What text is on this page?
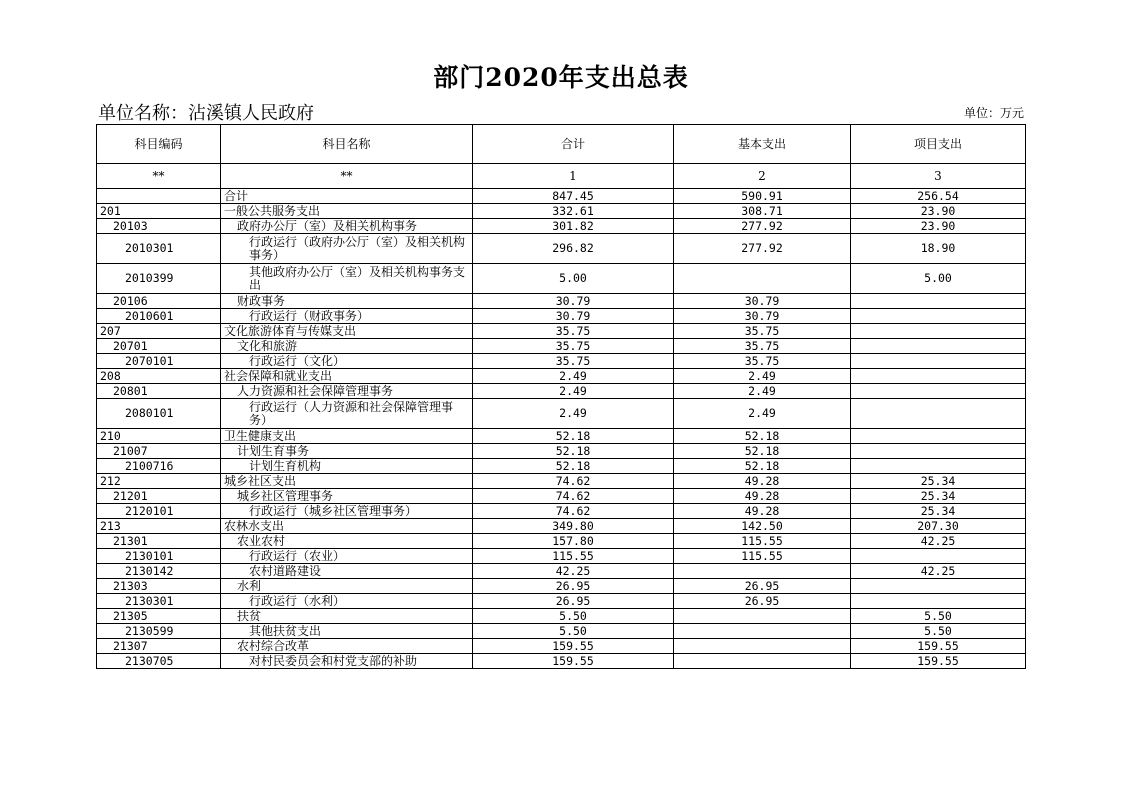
部门2020年支出总表
单位名称：沾溪镇人民政府	单位：万元
科目编码	科目名称	合计	基本支出	项目支出
**	**	1	2	3
	合计	847.45	590.91	256.54
201	一般公共服务支出	332.61	308.71	23.90
20103	政府办公厅（室）及相关机构事务	301.82	277.92	23.90
2010301	行政运行（政府办公厅（室）及相关机构事务）	296.82	277.92	18.90
2010399	其他政府办公厅（室）及相关机构事务支出	5.00		5.00
20106	财政事务	30.79	30.79	
2010601	行政运行（财政事务）	30.79	30.79	
207	文化旅游体育与传媒支出	35.75	35.75	
20701	文化和旅游	35.75	35.75	
2070101	行政运行（文化）	35.75	35.75	
208	社会保障和就业支出	2.49	2.49	
20801	人力资源和社会保障管理事务	2.49	2.49	
2080101	行政运行（人力资源和社会保障管理事务）	2.49	2.49	
210	卫生健康支出	52.18	52.18	
21007	计划生育事务	52.18	52.18	
2100716	计划生育机构	52.18	52.18	
212	城乡社区支出	74.62	49.28	25.34
21201	城乡社区管理事务	74.62	49.28	25.34
2120101	行政运行（城乡社区管理事务）	74.62	49.28	25.34
213	农林水支出	349.80	142.50	207.30
21301	农业农村	157.80	115.55	42.25
2130101	行政运行（农业）	115.55	115.55	
2130142	农村道路建设	42.25		42.25
21303	水利	26.95	26.95	
2130301	行政运行（水利）	26.95	26.95	
21305	扶贫	5.50		5.50
2130599	其他扶贫支出	5.50		5.50
21307	农村综合改革	159.55		159.55
2130705	对村民委员会和村党支部的补助	159.55		159.55
